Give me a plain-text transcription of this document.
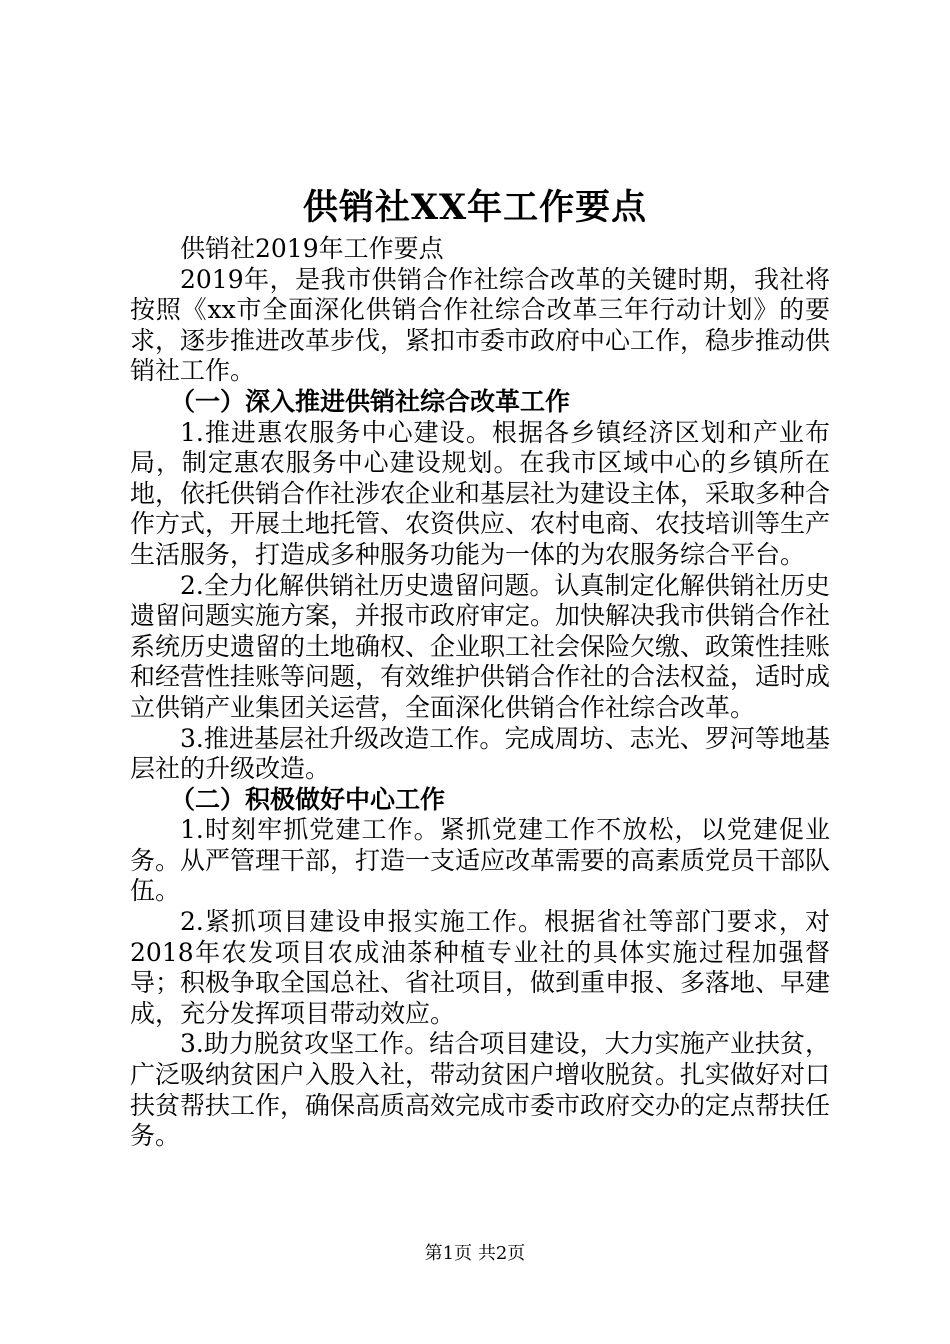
供销社XX年工作要点

供销社2019年工作要点

2019年，是我市供销合作社综合改革的关键时期，我社将按照《xx市全面深化供销合作社综合改革三年行动计划》的要求，逐步推进改革步伐，紧扣市委市政府中心工作，稳步推动供销社工作。

（一）深入推进供销社综合改革工作

1.推进惠农服务中心建设。根据各乡镇经济区划和产业布局，制定惠农服务中心建设规划。在我市区域中心的乡镇所在地，依托供销合作社涉农企业和基层社为建设主体，采取多种合作方式，开展土地托管、农资供应、农村电商、农技培训等生产生活服务，打造成多种服务功能为一体的为农服务综合平台。

2.全力化解供销社历史遗留问题。认真制定化解供销社历史遗留问题实施方案，并报市政府审定。加快解决我市供销合作社系统历史遗留的土地确权、企业职工社会保险欠缴、政策性挂账和经营性挂账等问题，有效维护供销合作社的合法权益，适时成立供销产业集团关运营，全面深化供销合作社综合改革。

3.推进基层社升级改造工作。完成周坊、志光、罗河等地基层社的升级改造。

（二）积极做好中心工作

1.时刻牢抓党建工作。紧抓党建工作不放松，以党建促业务。从严管理干部，打造一支适应改革需要的高素质党员干部队伍。

2.紧抓项目建设申报实施工作。根据省社等部门要求，对2018年农发项目农成油茶种植专业社的具体实施过程加强督导；积极争取全国总社、省社项目，做到重申报、多落地、早建成，充分发挥项目带动效应。

3.助力脱贫攻坚工作。结合项目建设，大力实施产业扶贫，广泛吸纳贫困户入股入社，带动贫困户增收脱贫。扎实做好对口扶贫帮扶工作，确保高质高效完成市委市政府交办的定点帮扶任务。

第1页 共2页
